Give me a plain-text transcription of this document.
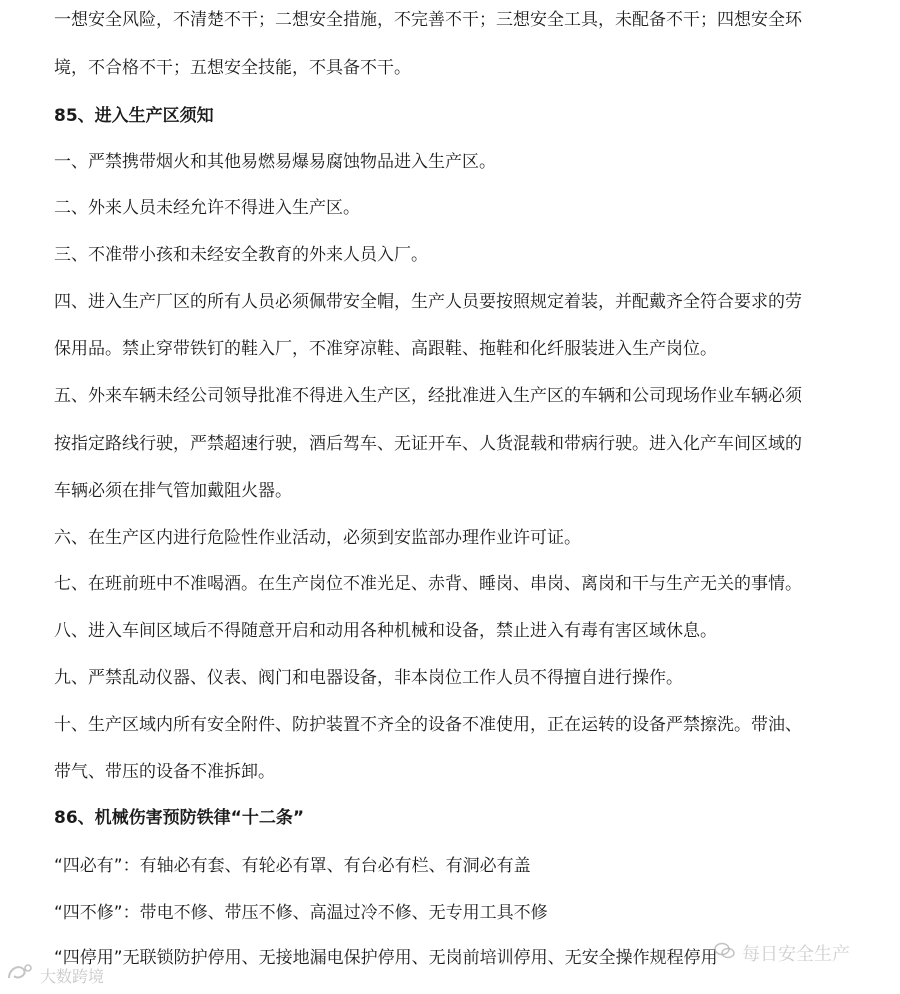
一想安全风险，不清楚不干；二想安全措施，不完善不干；三想安全工具，未配备不干；四想安全环
境，不合格不干；五想安全技能，不具备不干。
85、进入生产区须知
一、严禁携带烟火和其他易燃易爆易腐蚀物品进入生产区。
二、外来人员未经允许不得进入生产区。
三、不准带小孩和未经安全教育的外来人员入厂。
四、进入生产厂区的所有人员必须佩带安全帽，生产人员要按照规定着装，并配戴齐全符合要求的劳
保用品。禁止穿带铁钉的鞋入厂，不准穿凉鞋、高跟鞋、拖鞋和化纤服装进入生产岗位。
五、外来车辆未经公司领导批准不得进入生产区，经批准进入生产区的车辆和公司现场作业车辆必须
按指定路线行驶，严禁超速行驶，酒后驾车、无证开车、人货混载和带病行驶。进入化产车间区域的
车辆必须在排气管加戴阻火器。
六、在生产区内进行危险性作业活动，必须到安监部办理作业许可证。
七、在班前班中不准喝酒。在生产岗位不准光足、赤背、睡岗、串岗、离岗和干与生产无关的事情。
八、进入车间区域后不得随意开启和动用各种机械和设备，禁止进入有毒有害区域休息。
九、严禁乱动仪器、仪表、阀门和电器设备，非本岗位工作人员不得擅自进行操作。
十、生产区域内所有安全附件、防护装置不齐全的设备不准使用，正在运转的设备严禁擦洗。带油、
带气、带压的设备不准拆卸。
86、机械伤害预防铁律“十二条”
“四必有”：有轴必有套、有轮必有罩、有台必有栏、有洞必有盖
“四不修”：带电不修、带压不修、高温过冷不修、无专用工具不修
“四停用”无联锁防护停用、无接地漏电保护停用、无岗前培训停用、无安全操作规程停用	每日安全生产
大数跨境
